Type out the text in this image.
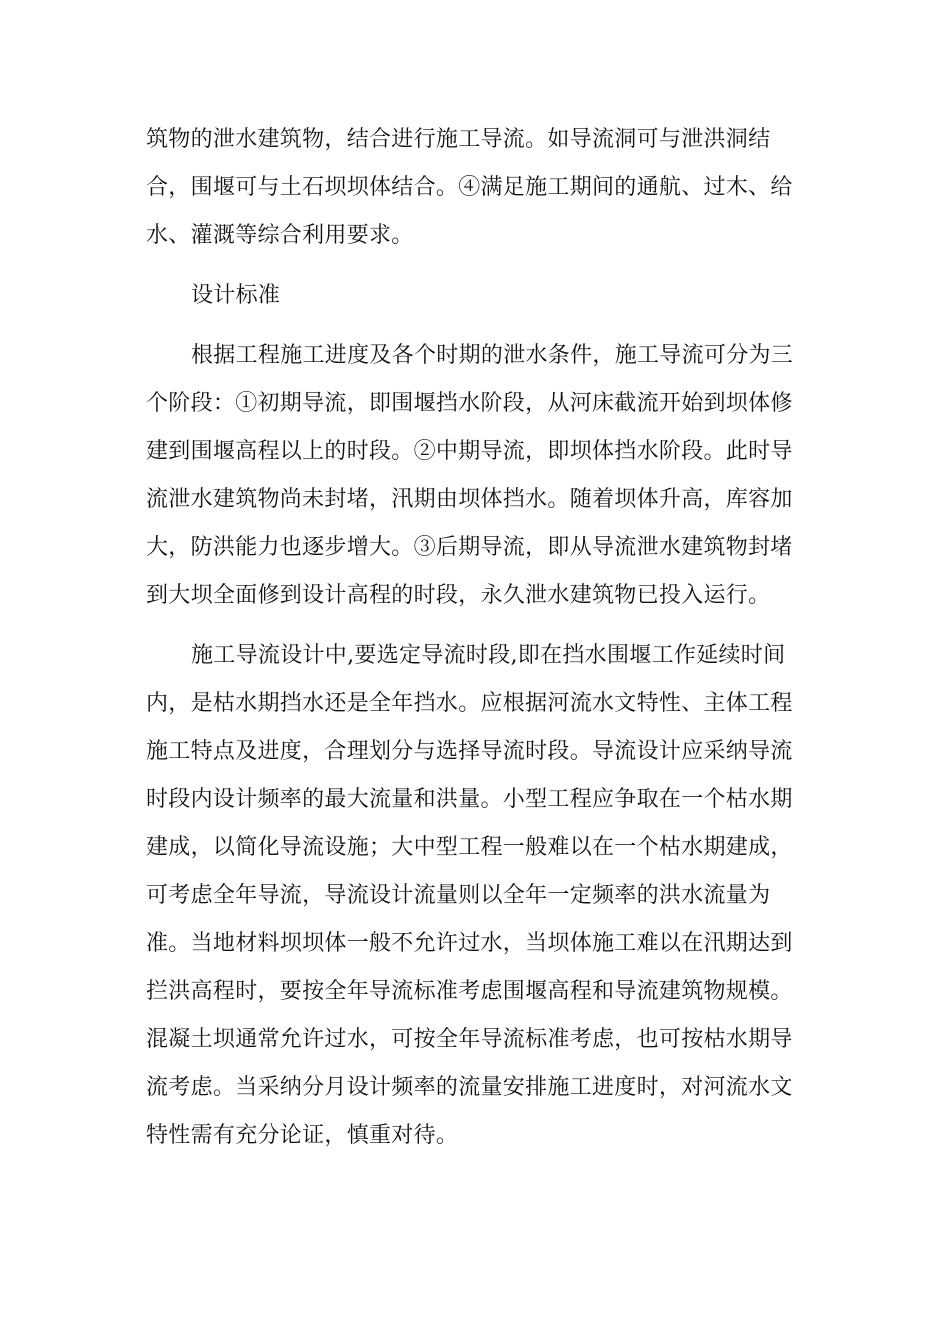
筑物的泄水建筑物，结合进行施工导流。如导流洞可与泄洪洞结
合，围堰可与土石坝坝体结合。④满足施工期间的通航、过木、给
水、灌溉等综合利用要求。
设计标准
根据工程施工进度及各个时期的泄水条件，施工导流可分为三
个阶段：①初期导流，即围堰挡水阶段，从河床截流开始到坝体修
建到围堰高程以上的时段。②中期导流，即坝体挡水阶段。此时导
流泄水建筑物尚未封堵，汛期由坝体挡水。随着坝体升高，库容加
大，防洪能力也逐步增大。③后期导流，即从导流泄水建筑物封堵
到大坝全面修到设计高程的时段，永久泄水建筑物已投入运行。
施工导流设计中,要选定导流时段,即在挡水围堰工作延续时间
内，是枯水期挡水还是全年挡水。应根据河流水文特性、主体工程
施工特点及进度，合理划分与选择导流时段。导流设计应采纳导流
时段内设计频率的最大流量和洪量。小型工程应争取在一个枯水期
建成，以简化导流设施；大中型工程一般难以在一个枯水期建成，
可考虑全年导流，导流设计流量则以全年一定频率的洪水流量为
准。当地材料坝坝体一般不允许过水，当坝体施工难以在汛期达到
拦洪高程时，要按全年导流标准考虑围堰高程和导流建筑物规模。
混凝土坝通常允许过水，可按全年导流标准考虑，也可按枯水期导
流考虑。当采纳分月设计频率的流量安排施工进度时，对河流水文
特性需有充分论证，慎重对待。
